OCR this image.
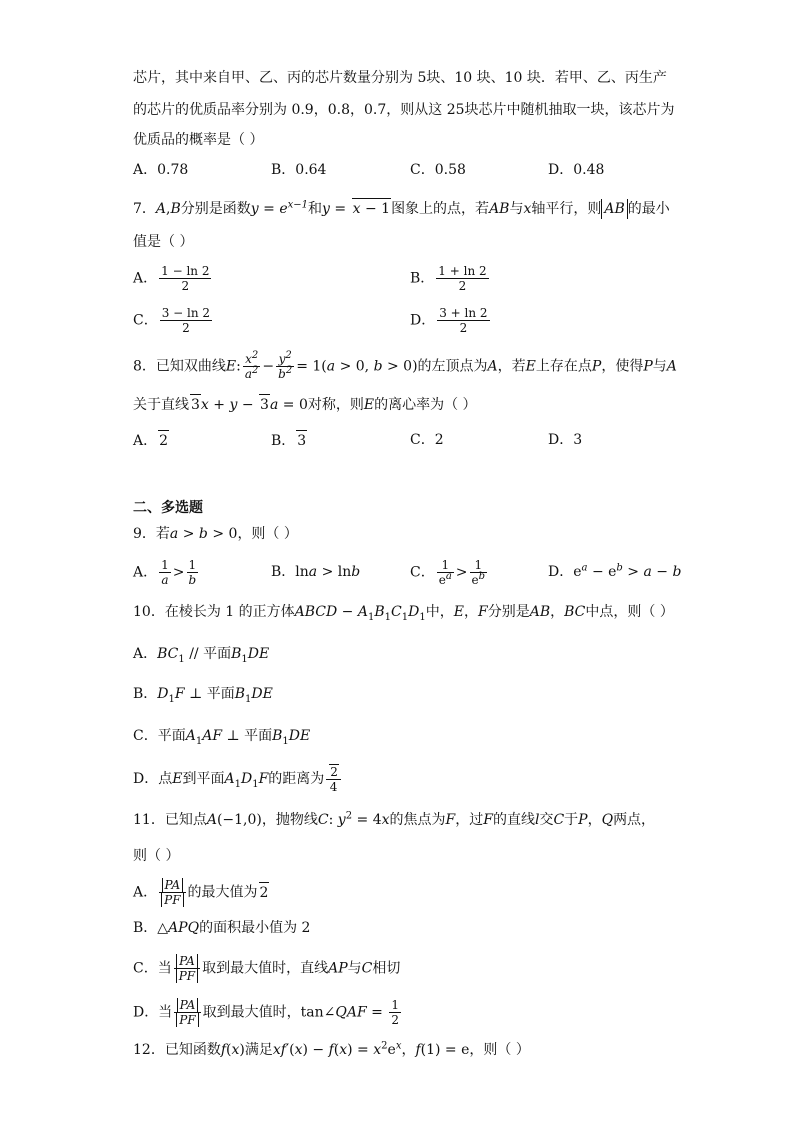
芯片，其中来自甲、乙、丙的芯片数量分别为 5块、10 块、10 块．若甲、乙、丙生产
的芯片的优质品率分别为 0.9，0.8，0.7，则从这 25块芯片中随机抽取一块，该芯片为
优质品的概率是（ ）
A．0.78	B．0.64	C．0.58	D．0.48
7．A,B分别是函数$y = e^{x-1}$和y = x − 1图象上的点，若AB与x轴平行，则 AB 的最小
值是（ ）
A． $\frac{1 - \ln 2}{2}$	B． $\frac{1 + \ln 2}{2}$
C． $\frac{3 - \ln 2}{2}$	D． $\frac{3 + \ln 2}{2}$
8．已知双曲线E: $\frac{x^2}{a^2} - \frac{y^2}{b^2} = 1(a > 0$, b > 0)的左顶点为A，若E上存在点P，使得P与A
关于直线 3x + y − 3a = 0对称，则E的离心率为（ ）
A． 2	B． 3	C．2	D．3
二、多选题
9．若a > b > 0，则（ ）
A． $\frac{1}{a} > \frac{1}{b}$	B．lna > lnb	C． $\frac{1}{e^a} > \frac{1}{e^b}$	D．$e^a - e^b > a - b$
10．在棱长为 1 的正方体ABCD − $A_1B_1C_1D_1$中，E，F分别是AB，BC中点，则（ ）
A．$BC_1$ // 平面$B_1DE$
B．$D_1F$ ⊥ 平面$B_1DE$
C．平面$A_1AF$ ⊥ 平面$B_1DE$
D．点E到平面$A_1D_1F$的距离为 $\frac{2}{4}$
11．已知点A(−1,0)，抛物线C: $y^2 = 4x$的焦点为F，过F的直线l交C于P，Q两点，
则（ ）
A． $\frac{PA}{PF}$ 的最大值为 2
B．△APQ的面积最小值为 2
C．当 $\frac{PA}{PF}$ 取到最大值时，直线AP与C相切
D．当 $\frac{PA}{PF}$ 取到最大值时，tan∠QAF = $\frac{1}{2}$
12．已知函数f(x)满足$xf'(x) - f(x) = x^2e^x$，f(1) = e，则（ ）
